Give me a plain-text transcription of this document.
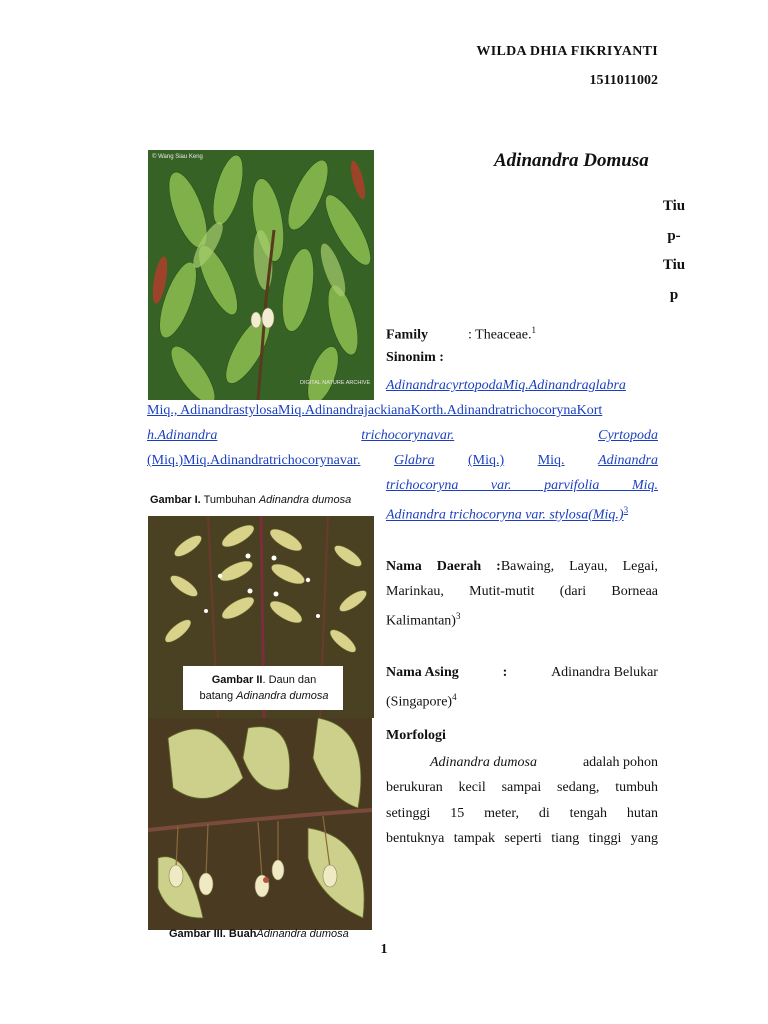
WILDA DHIA FIKRIYANTI
1511011002
Adinandra Domusa
Tiu
p-
Tiu
p
© Wang Siau Keng
DIGITAL NATURE ARCHIVE
Gambar I. Tumbuhan Adinandra dumosa
Gambar II. Daun dan
batang Adinandra dumosa
Gambar III. BuahAdinandra dumosa
Family	: Theaceae.$^1$
Sinonim :
AdinandracyrtopodaMiq.Adinandraglabra
Miq., AdinandrastylosaMiq.AdinandrajackianaKorth.AdinandratrichocorynaKort
h.Adinandra	trichocorynavar.	Cyrtopoda
(Miq.)Miq.Adinandratrichocorynavar. Glabra (Miq.) Miq. Adinandra
trichocoryna var. parvifolia Miq.
Adinandra trichocoryna var. $stylosa(Miq.)^3$
Nama Daerah :Bawaing, Layau, Legai,
Marinkau, Mutit-mutit (dari Borneaa
Kalimantan)$^3$
Nama Asing	:	Adinandra Belukar
(Singapore)$^4$
Morfologi
Adinandra dumosa	adalah pohon
berukuran kecil sampai sedang, tumbuh
setinggi 15 meter, di tengah hutan
bentuknya tampak seperti tiang tinggi yang
1
